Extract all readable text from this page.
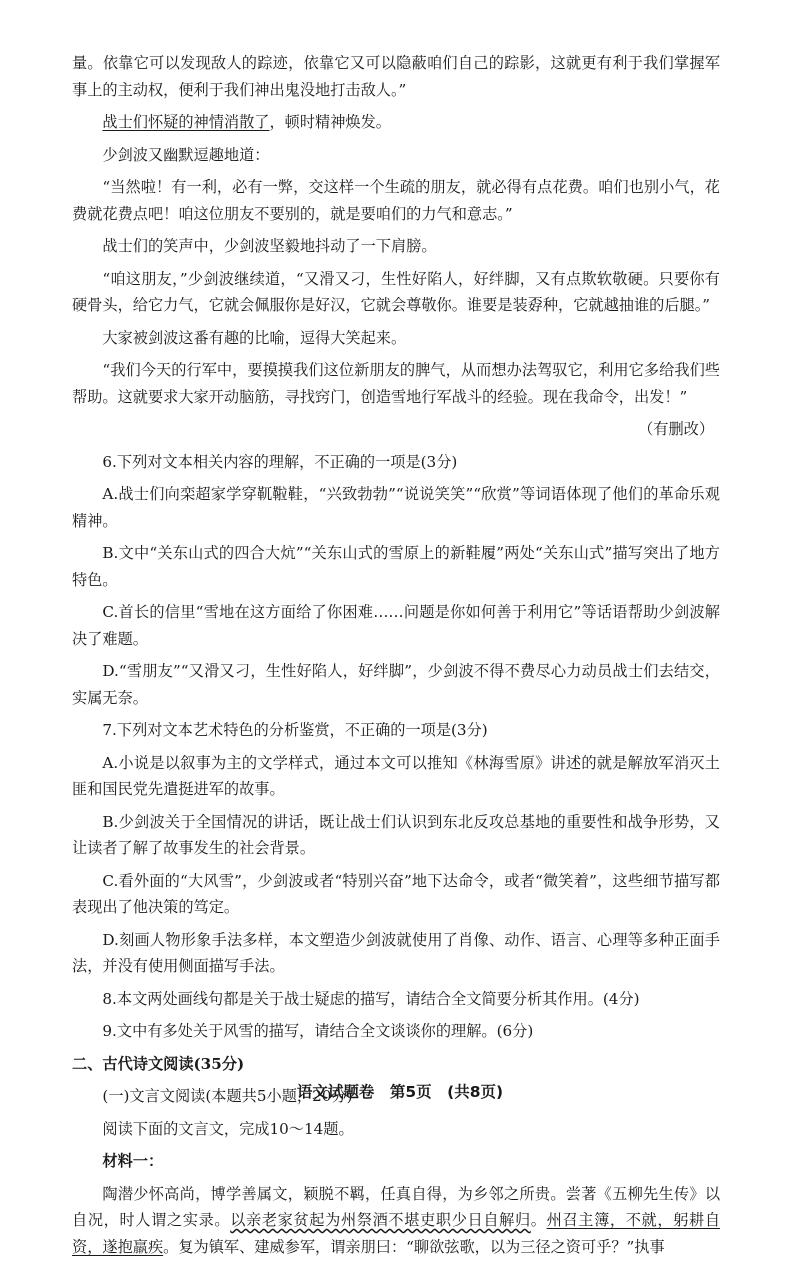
量。依靠它可以发现敌人的踪迹，依靠它又可以隐蔽咱们自己的踪影，这就更有利于我们掌握军事上的主动权，便利于我们神出鬼没地打击敌人。”

战士们怀疑的神情消散了，顿时精神焕发。

少剑波又幽默逗趣地道：

“当然啦！有一利，必有一弊，交这样一个生疏的朋友，就必得有点花费。咱们也别小气，花费就花费点吧！咱这位朋友不要别的，就是要咱们的力气和意志。”

战士们的笑声中，少剑波坚毅地抖动了一下肩膀。

“咱这朋友，”少剑波继续道，“又滑又刁，生性好陷人，好绊脚，又有点欺软敬硬。只要你有硬骨头，给它力气，它就会佩服你是好汉，它就会尊敬你。谁要是装孬种，它就越抽谁的后腿。”

大家被剑波这番有趣的比喻，逗得大笑起来。

“我们今天的行军中，要摸摸我们这位新朋友的脾气，从而想办法驾驭它，利用它多给我们些帮助。这就要求大家开动脑筋，寻找窍门，创造雪地行军战斗的经验。现在我命令，出发！”

（有删改）

6.下列对文本相关内容的理解，不正确的一项是(3分)

A.战士们向栾超家学穿靰鞡鞋，“兴致勃勃”“说说笑笑”“欣赏”等词语体现了他们的革命乐观精神。

B.文中“关东山式的四合大炕”“关东山式的雪原上的新鞋履”两处“关东山式”描写突出了地方特色。

C.首长的信里“雪地在这方面给了你困难……问题是你如何善于利用它”等话语帮助少剑波解决了难题。

D.“雪朋友”“又滑又刁，生性好陷人，好绊脚”，少剑波不得不费尽心力动员战士们去结交，实属无奈。

7.下列对文本艺术特色的分析鉴赏，不正确的一项是(3分)

A.小说是以叙事为主的文学样式，通过本文可以推知《林海雪原》讲述的就是解放军消灭土匪和国民党先遣挺进军的故事。

B.少剑波关于全国情况的讲话，既让战士们认识到东北反攻总基地的重要性和战争形势，又让读者了解了故事发生的社会背景。

C.看外面的“大风雪”，少剑波或者“特别兴奋”地下达命令，或者“微笑着”，这些细节描写都表现出了他决策的笃定。

D.刻画人物形象手法多样，本文塑造少剑波就使用了肖像、动作、语言、心理等多种正面手法，并没有使用侧面描写手法。

8.本文两处画线句都是关于战士疑虑的描写，请结合全文简要分析其作用。(4分)

9.文中有多处关于风雪的描写，请结合全文谈谈你的理解。(6分)

二、古代诗文阅读(35分)

(一)文言文阅读(本题共5小题，20分)

阅读下面的文言文，完成10～14题。

材料一：

陶潜少怀高尚，博学善属文，颖脱不羁，任真自得，为乡邻之所贵。尝著《五柳先生传》以自况，时人谓之实录。以亲老家贫起为州祭酒不堪吏职少日自解归。州召主簿，不就，躬耕自资，遂抱羸疾。复为镇军、建威参军，谓亲朋曰：“聊欲弦歌，以为三径之资可乎？”执事

语文试题卷　第5页　(共8页)
